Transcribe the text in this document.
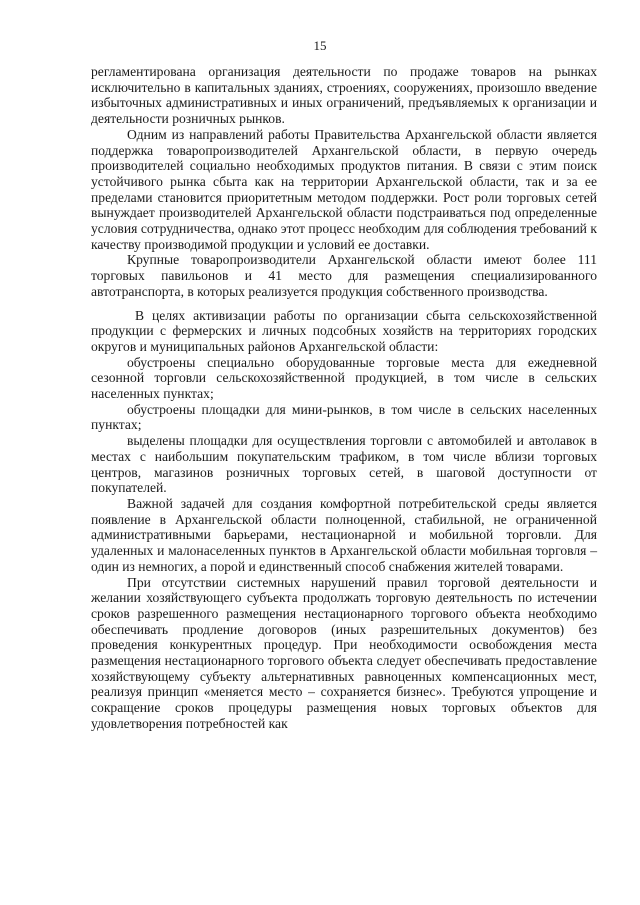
15

регламентирована организация деятельности по продаже товаров на рынках исключительно в капитальных зданиях, строениях, сооружениях, произошло введение избыточных административных и иных ограничений, предъявляемых к организации и деятельности розничных рынков.

Одним из направлений работы Правительства Архангельской области является поддержка товаропроизводителей Архангельской области, в первую очередь производителей социально необходимых продуктов питания. В связи с этим поиск устойчивого рынка сбыта как на территории Архангельской области, так и за ее пределами становится приоритетным методом поддержки. Рост роли торговых сетей вынуждает производителей Архангельской области подстраиваться под определенные условия сотрудничества, однако этот процесс необходим для соблюдения требований к качеству производимой продукции и условий ее доставки.

Крупные товаропроизводители Архангельской области имеют более 111 торговых павильонов и 41 место для размещения специализированного автотранспорта, в которых реализуется продукция собственного производства.

В целях активизации работы по организации сбыта сельскохозяйственной продукции с фермерских и личных подсобных хозяйств на территориях городских округов и муниципальных районов Архангельской области:

обустроены специально оборудованные торговые места для ежедневной сезонной торговли сельскохозяйственной продукцией, в том числе в сельских населенных пунктах;

обустроены площадки для мини-рынков, в том числе в сельских населенных пунктах;

выделены площадки для осуществления торговли с автомобилей и автолавок в местах с наибольшим покупательским трафиком, в том числе вблизи торговых центров, магазинов розничных торговых сетей, в шаговой доступности от покупателей.

Важной задачей для создания комфортной потребительской среды является появление в Архангельской области полноценной, стабильной, не ограниченной административными барьерами, нестационарной и мобильной торговли. Для удаленных и малонаселенных пунктов в Архангельской области мобильная торговля – один из немногих, а порой и единственный способ снабжения жителей товарами.

При отсутствии системных нарушений правил торговой деятельности и желании хозяйствующего субъекта продолжать торговую деятельность по истечении сроков разрешенного размещения нестационарного торгового объекта необходимо обеспечивать продление договоров (иных разрешительных документов) без проведения конкурентных процедур. При необходимости освобождения места размещения нестационарного торгового объекта следует обеспечивать предоставление хозяйствующему субъекту альтернативных равноценных компенсационных мест, реализуя принцип «меняется место – сохраняется бизнес». Требуются упрощение и сокращение сроков процедуры размещения новых торговых объектов для удовлетворения потребностей как
